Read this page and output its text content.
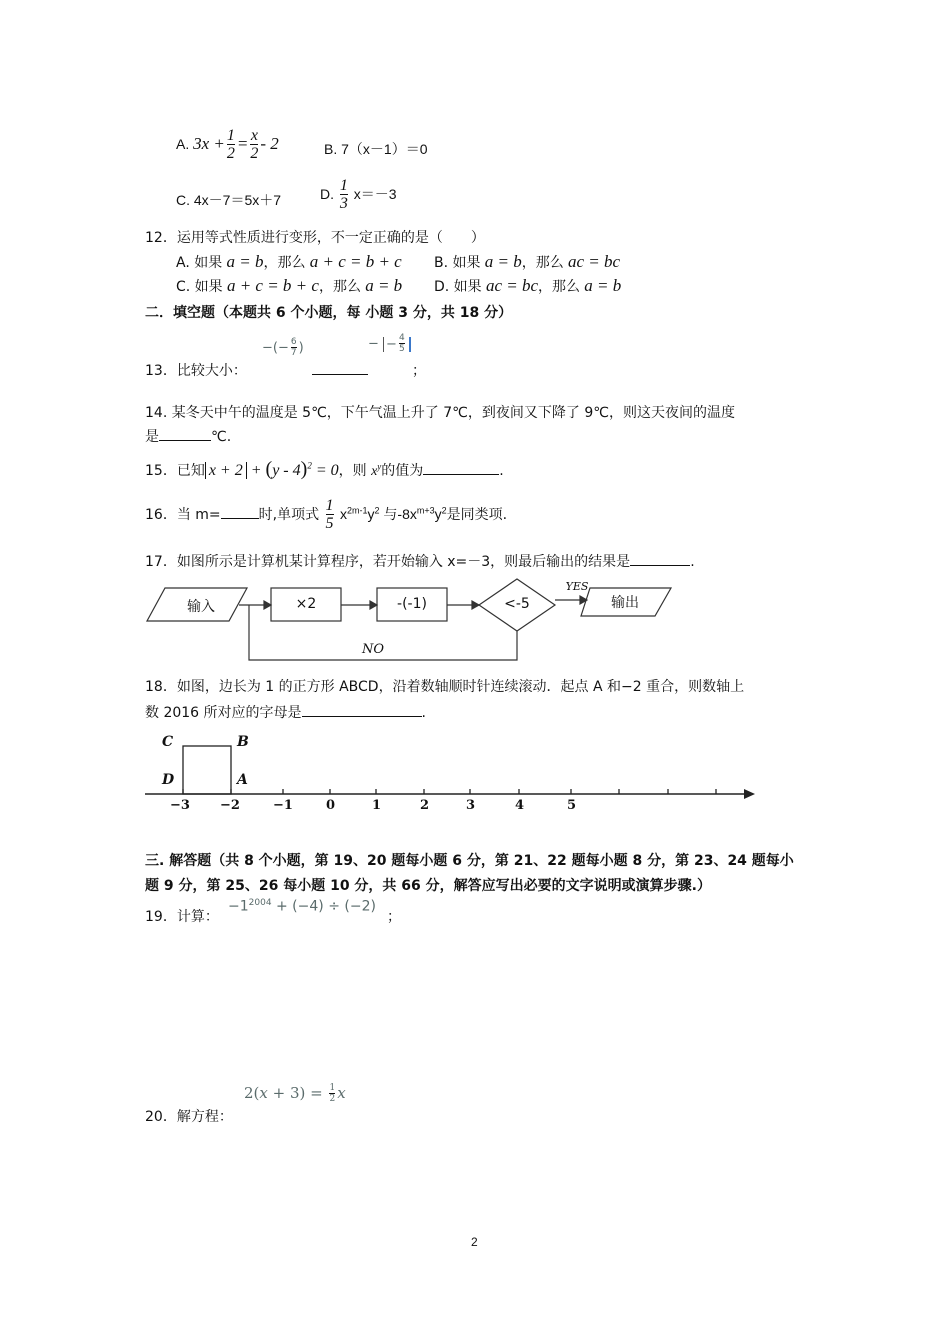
A. $3x + \frac{1}{2} = \frac{x}{2} - 2$	B. 7（x－1）＝0
C. 4x－7＝5x＋7	D. $\frac{1}{3} x=-3$
12．运用等式性质进行变形，不一定正确的是（　　）
A. 如果 a = b，那么 a + c = b + c B. 如果 a = b，那么 ac = bc
C. 如果 a + c = b + c，那么 a = b D. 如果 ac = bc，那么 a = b
二．填空题（本题共 6 个小题，每 小题 3 分，共 18 分）
13．比较大小：
−(− $\frac{6}{7}$ )	− − $\frac{4}{5}$
；
14. 某冬天中午的温度是 5℃，下午气温上升了 7℃，到夜间又下降了 9℃，则这天夜间的温度
是	℃.
15．已知 x + 2 + (y - 4)$^2$ = 0，则 $x^y$的值为	.
16．当 m=	时,单项式 $\frac{1}{5} x^{2m-1}y^2$ 与$-8x^{m+3}y^2$是同类项.
17．如图所示是计算机某计算程序，若开始输入 x=－3，则最后输出的结果是	.
输入	×2	-(-1)	<-5
YES
输出
NO
18．如图，边长为 1 的正方形 ABCD，沿着数轴顺时针连续滚动．起点 A 和−2 重合，则数轴上
数 2016 所对应的字母是	.
C	B
D	A
−3 −2	−1	0	1	2	3	4	5
三. 解答题（共 8 个小题，第 19、20 题每小题 6 分，第 21、22 题每小题 8 分，第 23、24 题每小
题 9 分，第 25、26 每小题 10 分，共 66 分，解答应写出必要的文字说明或演算步骤.）
19．计算：
$-1^{2004} + (-4) \div (-2)$
；
$2(x + 3) = \frac{1}{2}$ x
20．解方程：
2
